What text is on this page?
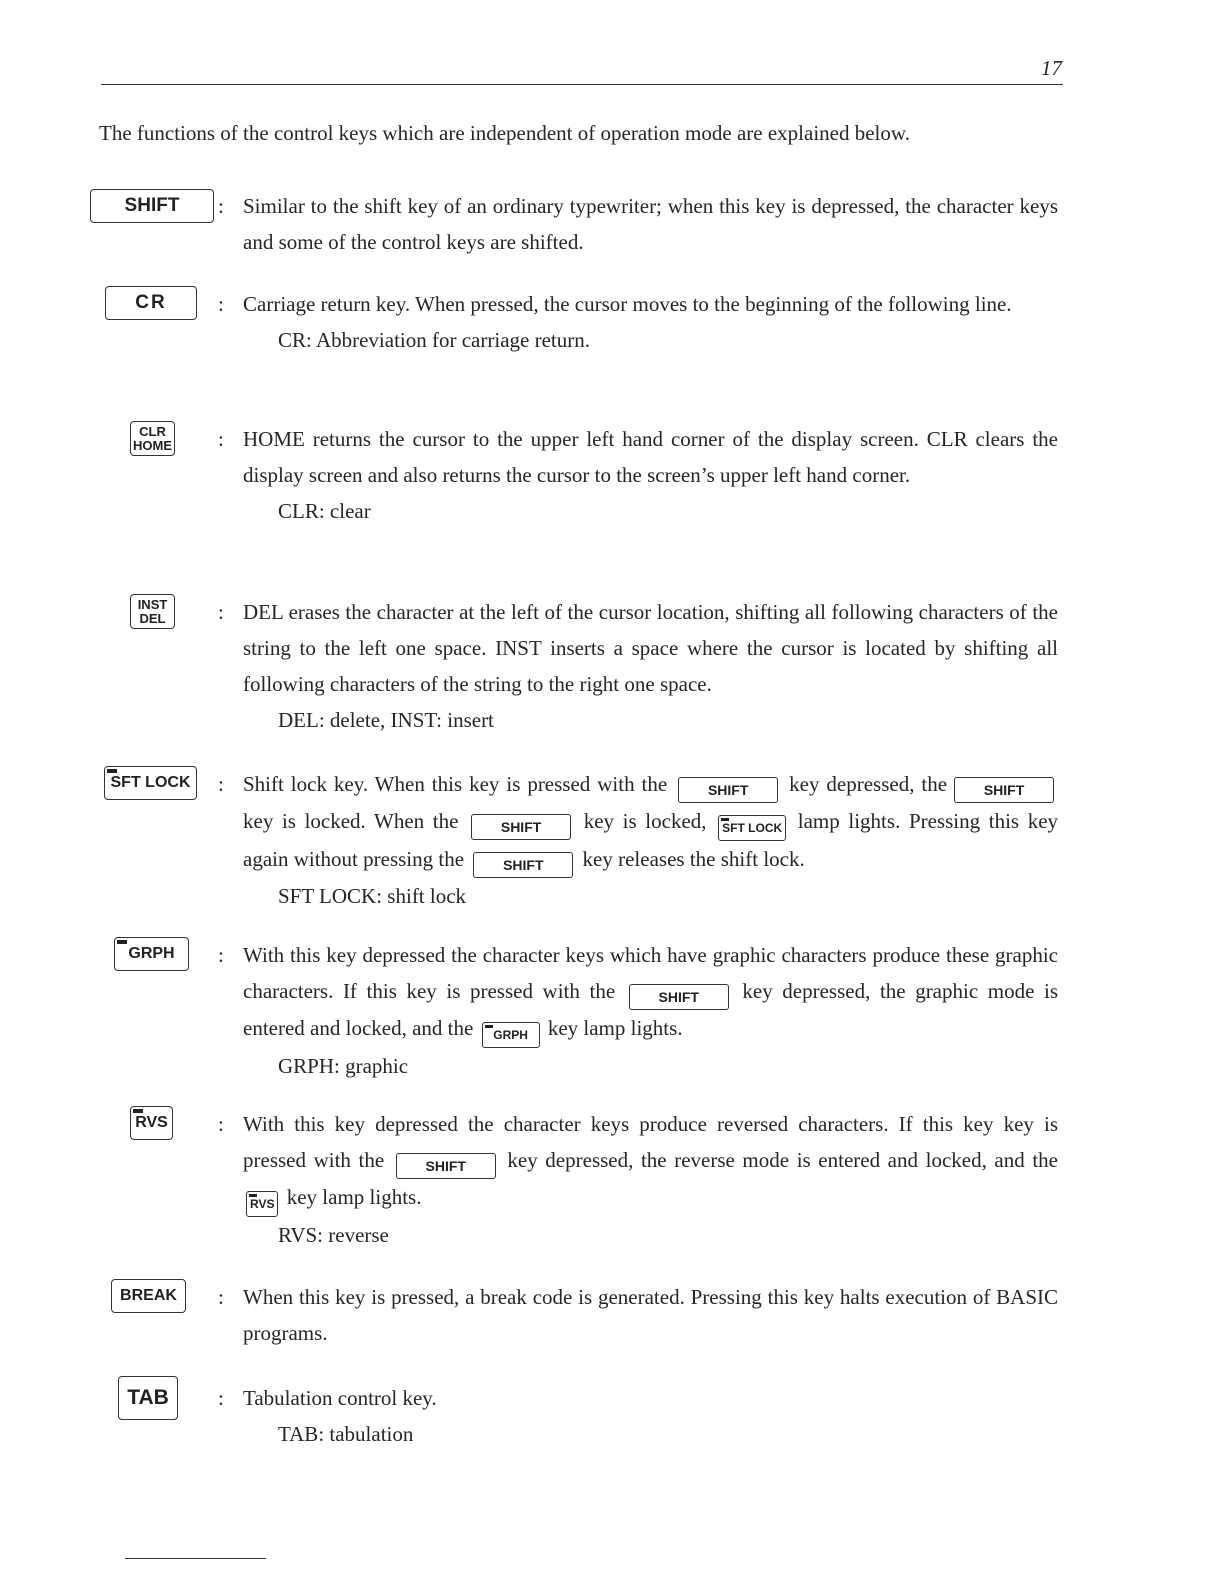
17
The functions of the control keys which are independent of operation mode are explained below.
SHIFT : Similar to the shift key of an ordinary typewriter; when this key is depressed, the character keys and some of the control keys are shifted.

CR : Carriage return key. When pressed, the cursor moves to the beginning of the following line.

CR: Abbreviation for carriage return.

CLR
HOME : HOME returns the cursor to the upper left hand corner of the display screen. CLR clears the display screen and also returns the cursor to the screen’s upper left hand corner.

CLR: clear

INST
DEL	: DEL erases the character at the left of the cursor location, shifting all following characters of the string to the left one space. INST inserts a space where the cursor is located by shifting all following characters of the string to the right one space.

DEL: delete, INST: insert

SFT LOCK : Shift lock key. When this key is pressed with the	SHIFT key depressed, the	SHIFT
key is locked. When the	SHIFT key is locked, SFT LOCK lamp lights. Pressing this key again without pressing the	SHIFT key releases the shift lock.

SFT LOCK: shift lock

GRPH : With this key depressed the character keys which have graphic characters produce these graphic characters. If this key is pressed with the	SHIFT key depressed, the graphic mode is entered and locked, and the GRPH key lamp lights.

GRPH: graphic

RVS : With this key depressed the character keys produce reversed characters. If this key key is pressed with the	SHIFT key depressed, the reverse mode is entered and locked, and the
RVS key lamp lights.

RVS: reverse

BREAK : When this key is pressed, a break code is generated. Pressing this key halts execution of BASIC programs.

TAB : Tabulation control key.

TAB: tabulation
